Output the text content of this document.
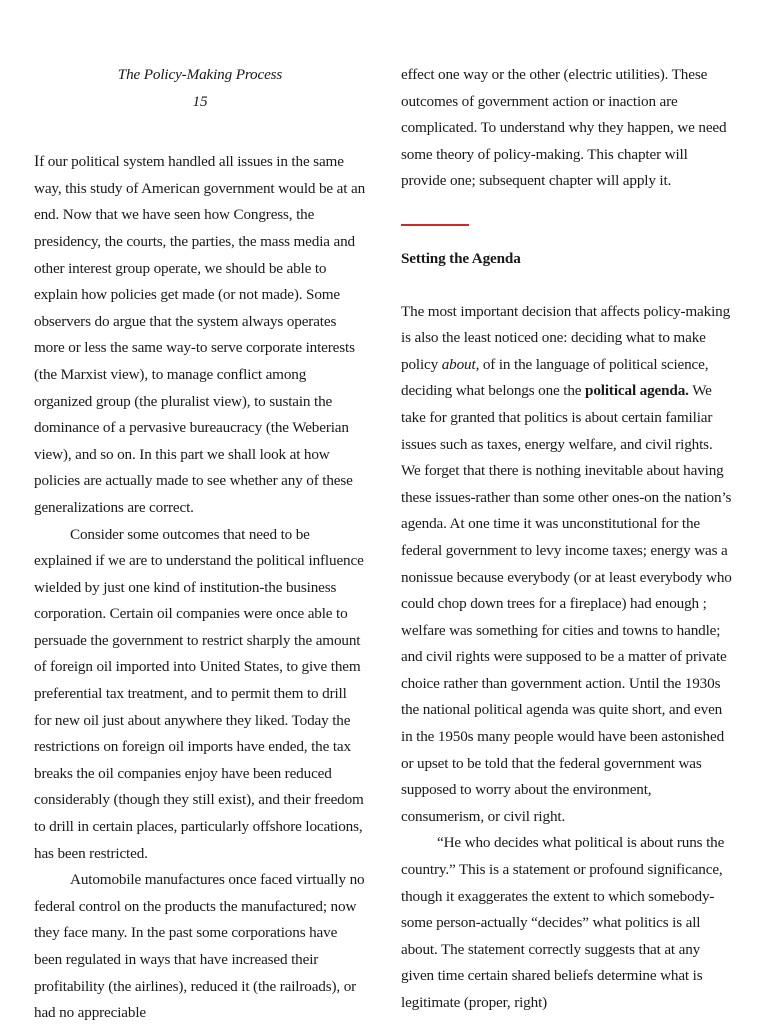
The Policy-Making Process
15

If our political system handled all issues in the same way, this study of American government would be at an end. Now that we have seen how Congress, the presidency, the courts, the parties, the mass media and other interest group operate, we should be able to explain how policies get made (or not made). Some observers do argue that the system always operates more or less the same way-to serve corporate interests (the Marxist view), to manage conflict among organized group (the pluralist view), to sustain the dominance of a pervasive bureaucracy (the Weberian view), and so on. In this part we shall look at how policies are actually made to see whether any of these generalizations are correct.

Consider some outcomes that need to be explained if we are to understand the political influence wielded by just one kind of institution-the business corporation. Certain oil companies were once able to persuade the government to restrict sharply the amount of foreign oil imported into United States, to give them preferential tax treatment, and to permit them to drill for new oil just about anywhere they liked. Today the restrictions on foreign oil imports have ended, the tax breaks the oil companies enjoy have been reduced considerably (though they still exist), and their freedom to drill in certain places, particularly offshore locations, has been restricted.

Automobile manufactures once faced virtually no federal control on the products the manufactured; now they face many. In the past some corporations have been regulated in ways that have increased their profitability (the airlines), reduced it (the railroads), or had no appreciable

effect one way or the other (electric utilities). These outcomes of government action or inaction are complicated. To understand why they happen, we need some theory of policy-making. This chapter will provide one; subsequent chapter will apply it.

Setting the Agenda

The most important decision that affects policy-making is also the least noticed one: deciding what to make policy about, of in the language of political science, deciding what belongs one the political agenda. We take for granted that politics is about certain familiar issues such as taxes, energy welfare, and civil rights. We forget that there is nothing inevitable about having these issues-rather than some other ones-on the nation’s agenda. At one time it was unconstitutional for the federal government to levy income taxes; energy was a nonissue because everybody (or at least everybody who could chop down trees for a fireplace) had enough ; welfare was something for cities and towns to handle; and civil rights were supposed to be a matter of private choice rather than government action. Until the 1930s the national political agenda was quite short, and even in the 1950s many people would have been astonished or upset to be told that the federal government was supposed to worry about the environment, consumerism, or civil right.

“He who decides what political is about runs the country.” This is a statement or profound significance, though it exaggerates the extent to which somebody-some person-actually “decides” what politics is all about. The statement correctly suggests that at any given time certain shared beliefs determine what is legitimate (proper, right)
